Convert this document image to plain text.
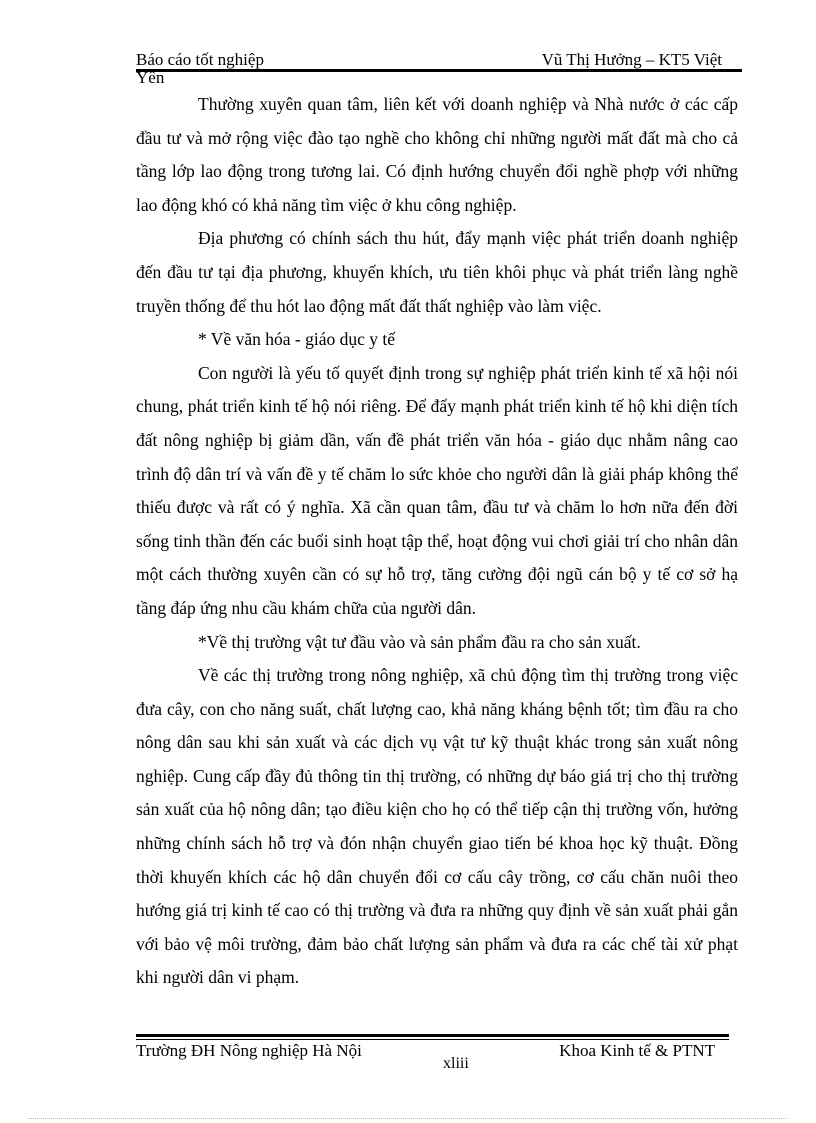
Báo cáo tốt nghiệp	Vũ Thị Hưởng – KT5 Việt
Yên

Thường xuyên quan tâm, liên kết với doanh nghiệp và Nhà nước ở các cấp đầu tư và mở rộng việc đào tạo nghề cho không chỉ những người mất đất mà cho cả tầng lớp lao động trong tương lai. Có định hướng chuyển đổi nghề phợp với những lao động khó có khả năng tìm việc ở khu công nghiệp.

Địa phương có chính sách thu hút, đẩy mạnh việc phát triển doanh nghiệp đến đầu tư tại địa phương, khuyến khích, ưu tiên khôi phục và phát triển làng nghề truyền thống để thu hót lao động mất đất thất nghiệp vào làm việc.

* Về văn hóa - giáo dục y tế

Con người là yếu tố quyết định trong sự nghiệp phát triển kinh tế xã hội nói chung, phát triển kinh tế hộ nói riêng. Để đẩy mạnh phát triển kinh tế hộ khi diện tích đất nông nghiệp bị giảm dần, vấn đề phát triển văn hóa - giáo dục nhằm nâng cao trình độ dân trí và vấn đề y tế chăm lo sức khỏe cho người dân là giải pháp không thể thiếu được và rất có ý nghĩa. Xã cần quan tâm, đầu tư và chăm lo hơn nữa đến đời sống tinh thần đến các buổi sinh hoạt tập thể, hoạt động vui chơi giải trí cho nhân dân một cách thường xuyên cần có sự hỗ trợ, tăng cường đội ngũ cán bộ y tế cơ sở hạ tầng đáp ứng nhu cầu khám chữa của người dân.

*Về thị trường vật tư đầu vào và sản phẩm đầu ra cho sản xuất.

Về các thị trường trong nông nghiệp, xã chủ động tìm thị trường trong việc đưa cây, con cho năng suất, chất lượng cao, khả năng kháng bệnh tốt; tìm đầu ra cho nông dân sau khi sản xuất và các dịch vụ vật tư kỹ thuật khác trong sản xuất nông nghiệp. Cung cấp đầy đủ thông tin thị trường, có những dự báo giá trị cho thị trường sản xuất của hộ nông dân; tạo điều kiện cho họ có thể tiếp cận thị trường vốn, hưởng những chính sách hỗ trợ và đón nhận chuyển giao tiến bé khoa học kỹ thuật. Đồng thời khuyến khích các hộ dân chuyển đổi cơ cấu cây trồng, cơ cấu chăn nuôi theo hướng giá trị kinh tế cao có thị trường và đưa ra những quy định về sản xuất phải gắn với bảo vệ môi trường, đảm bảo chất lượng sản phẩm và đưa ra các chế tài xử phạt khi người dân vi phạm.

Trường ĐH Nông nghiệp Hà Nội	Khoa Kinh tế & PTNT
xliii
